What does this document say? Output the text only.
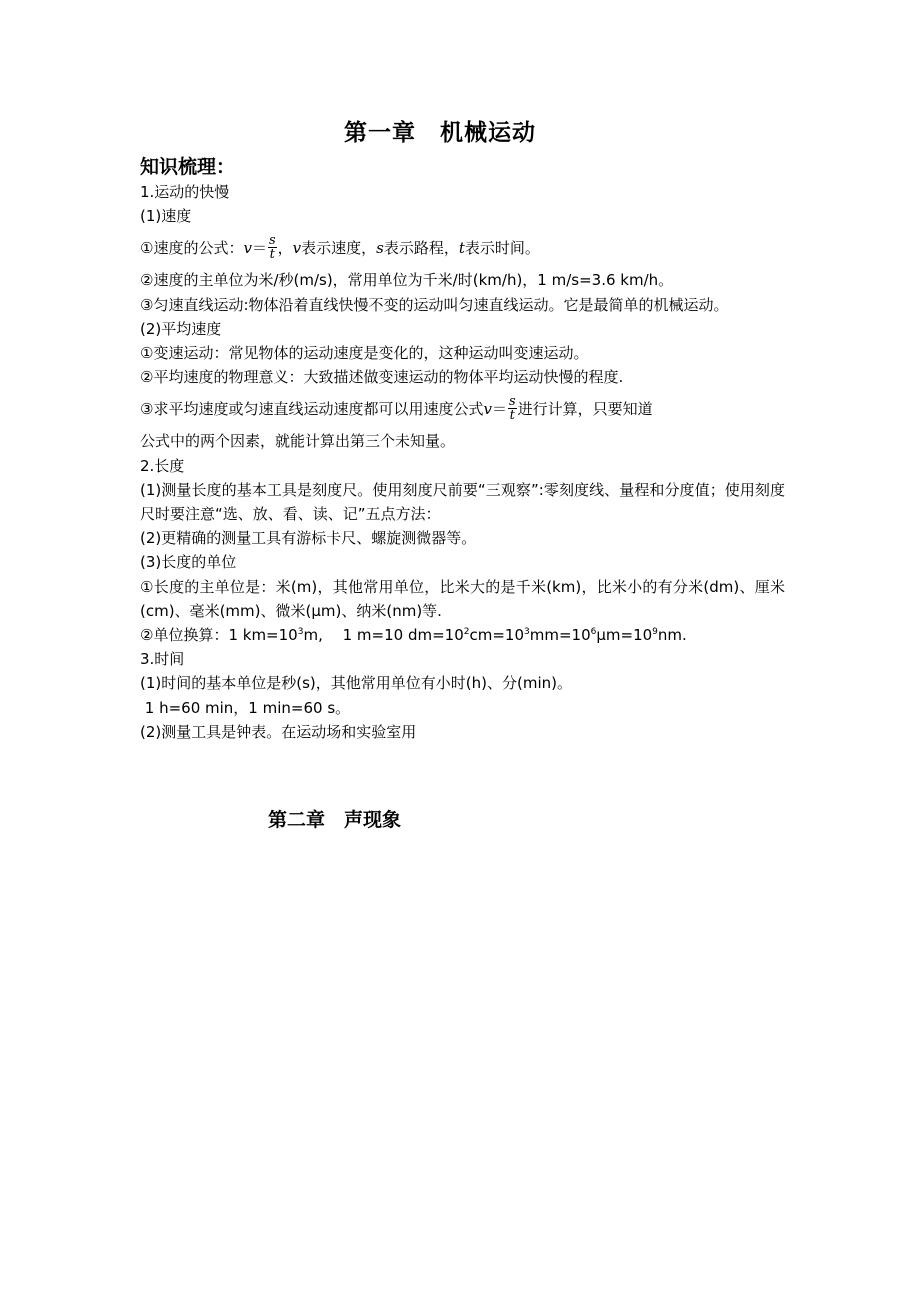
第一章　机械运动
知识梳理：

1.运动的快慢

(1)速度

①速度的公式：$v= \frac{s}{t}$ ，v表示速度，s表示路程，t表示时间。

②速度的主单位为米/秒(m/s)，常用单位为千米/时(km/h)，1 m/s=3.6 km/h。

③匀速直线运动:物体沿着直线快慢不变的运动叫匀速直线运动。它是最简单的机械运动。

(2)平均速度

①变速运动：常见物体的运动速度是变化的，这种运动叫变速运动。

②平均速度的物理意义：大致描述做变速运动的物体平均运动快慢的程度.

③求平均速度或匀速直线运动速度都可以用速度公式$v= \frac{s}{t}$ 进行计算，只要知道

公式中的两个因素，就能计算出第三个未知量。

2.长度

(1)测量长度的基本工具是刻度尺。使用刻度尺前要“三观察”:零刻度线、量程和分度值；使用刻度尺时要注意“选、放、看、读、记”五点方法：

(2)更精确的测量工具有游标卡尺、螺旋测微器等。

(3)长度的单位

①长度的主单位是：米(m)，其他常用单位，比米大的是千米(km)，比米小的有分米(dm)、厘米(cm)、毫米(mm)、微米(μm)、纳米(nm)等.

②单位换算：1 $km=10^3m$,　 1 m=10 $dm=10^2cm=10^3mm=10^6\mu m=10^9nm$.

3.时间

(1)时间的基本单位是秒(s)，其他常用单位有小时(h)、分(min)。

1 h=60 min，1 min=60 s。

(2)测量工具是钟表。在运动场和实验室用

第二章　声现象
